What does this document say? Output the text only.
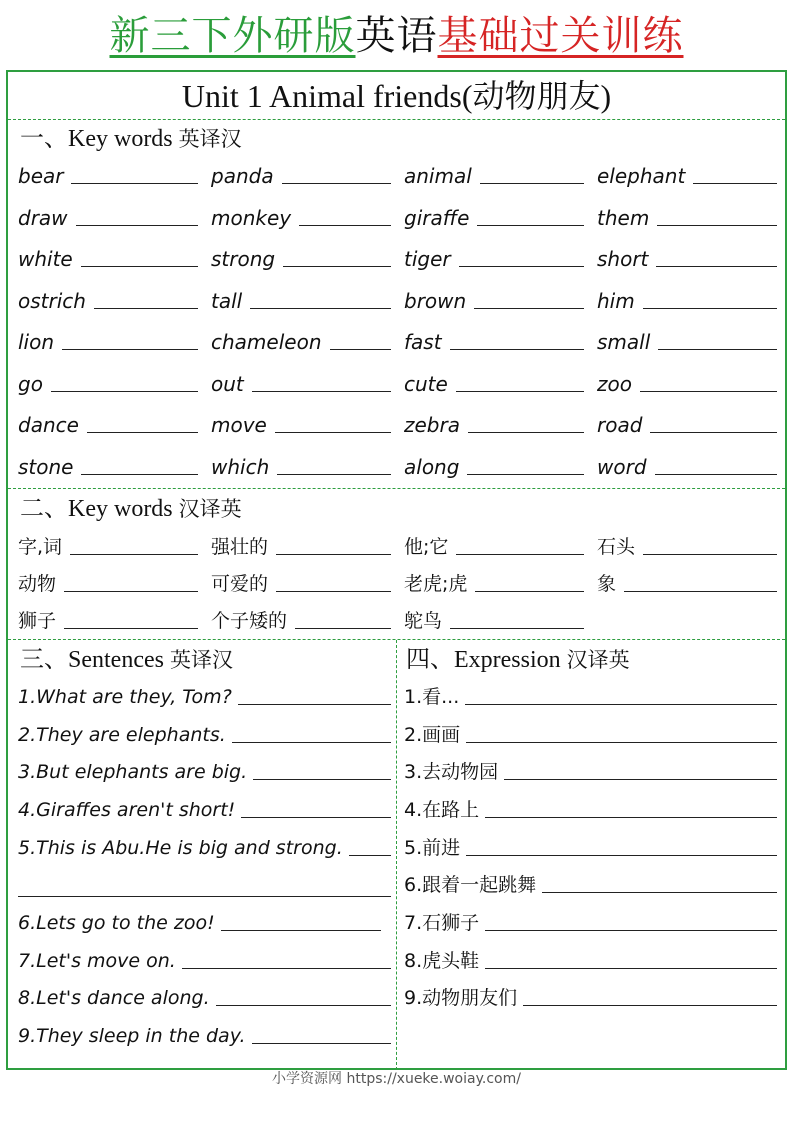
新三下外研版英语基础过关训练
Unit 1 Animal friends(动物朋友)
一、Key words 英译汉
bear	panda	animal	elephant
draw	monkey	giraffe	them
white	strong	tiger	short
ostrich	tall	brown	him
lion	chameleon	fast	small
go	out	cute	zoo
dance	move	zebra	road
stone	which	along	word
二、Key words 汉译英
字,词	强壮的	他;它	石头
动物	可爱的	老虎;虎	象
狮子	个子矮的	鸵鸟
三、Sentences 英译汉
1.What are they, Tom?
2.They are elephants.
3.But elephants are big.
4.Giraffes aren't short!
5.This is Abu.He is big and strong.
6.Lets go to the zoo!
7.Let's move on.
8.Let's dance along.
9.They sleep in the day.
四、Expression 汉译英
1.看...
2.画画
3.去动物园
4.在路上
5.前进
6.跟着一起跳舞
7.石狮子
8.虎头鞋
9.动物朋友们
小学资源网 https://xueke.woiay.com/
